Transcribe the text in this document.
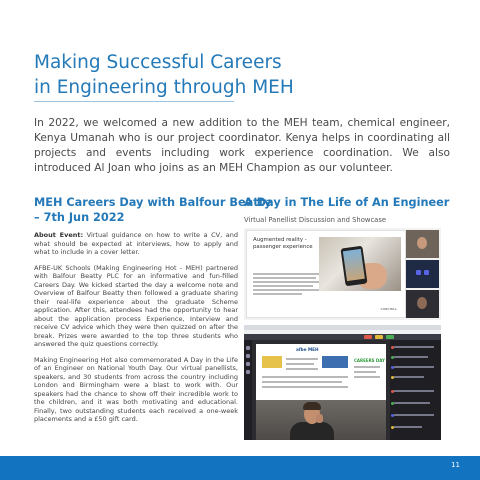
Making Successful Careers
in Engineering through MEH

In 2022, we welcomed a new addition to the MEH team, chemical engineer, Kenya Umanah who is our project coordinator. Kenya helps in coordinating all projects and events including work experience coordination. We also introduced Al Joan who joins as an MEH Champion as our volunteer.

MEH Careers Day with Balfour Beatty
– 7th Jun 2022

About Event: Virtual guidance on how to write a CV, and what should be expected at interviews, how to apply and what to include in a cover letter.

AFBE-UK Schools (Making Engineering Hot - MEH) partnered with Balfour Beatty PLC for an informative and fun-filled Careers Day. We kicked started the day a welcome note and Overview of Balfour Beatty then followed a graduate sharing their real-life experience about the graduate Scheme application. After this, attendees had the opportunity to hear about the application process Experience, Interview and receive CV advice which they were then quizzed on after the break. Prizes were awarded to the top three students who answered the quiz questions correctly.

Making Engineering Hot also commemorated A Day in the Life of an Engineer on National Youth Day. Our virtual panellists, speakers, and 30 students from across the country including London and Birmingham were a blast to work with. Our speakers had the chance to show off their incredible work to the children, and it was both motivating and educational. Finally, two outstanding students each received a one-week placements and a £50 gift card.

A Day in The Life of An Engineer

Virtual Panellist Discussion and Showcase

Augmented reality - passenger experience
CURCHILL
afbe MEH
CAREERS DAY
11
